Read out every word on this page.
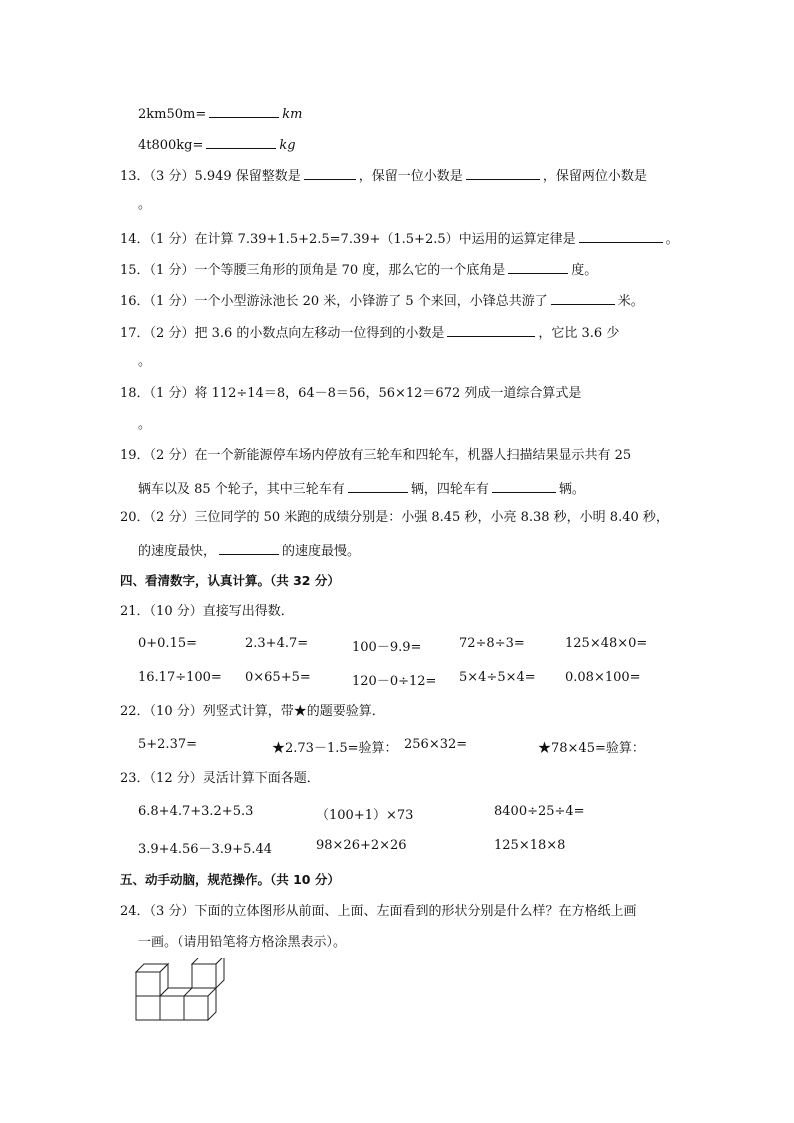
2km50m=	km
4t800kg=	kg
13．（3 分）5.949 保留整数是	，保留一位小数是	，保留两位小数是
。
14．（1 分）在计算 7.39+1.5+2.5=7.39+（1.5+2.5）中运用的运算定律是	。
15．（1 分）一个等腰三角形的顶角是 70 度，那么它的一个底角是	度。
16．（1 分）一个小型游泳池长 20 米，小锋游了 5 个来回，小锋总共游了	米。
17．（2 分）把 3.6 的小数点向左移动一位得到的小数是	，它比 3.6 少
。
18．（1 分）将 112÷14＝8，64－8＝56，56×12＝672 列成一道综合算式是
。
19．（2 分）在一个新能源停车场内停放有三轮车和四轮车，机器人扫描结果显示共有 25
辆车以及 85 个轮子，其中三轮车有	辆，四轮车有	辆。
20．（2 分）三位同学的 50 米跑的成绩分别是：小强 8.45 秒，小亮 8.38 秒，小明 8.40 秒，
的速度最快，	的速度最慢。
四、看清数字，认真计算。（共 32 分）
21．（10 分）直接写出得数．
0+0.15=	2.3+4.7=	100－9.9=	72÷8÷3=	125×48×0=
16.17÷100= 0×65+5=	120－0÷12= 5×4÷5×4= 0.08×100=
22．（10 分）列竖式计算，带★的题要验算．
5+2.37=	★2.73－1.5=验算： 256×32=	★78×45=验算：
23．（12 分）灵活计算下面各题．
6.8+4.7+3.2+5.3	（100+1）×73	8400÷25÷4=
3.9+4.56－3.9+5.44	98×26+2×26	125×18×8
五、动手动脑，规范操作。（共 10 分）
24．（3 分）下面的立体图形从前面、上面、左面看到的形状分别是什么样？在方格纸上画
一画。（请用铅笔将方格涂黑表示）。
